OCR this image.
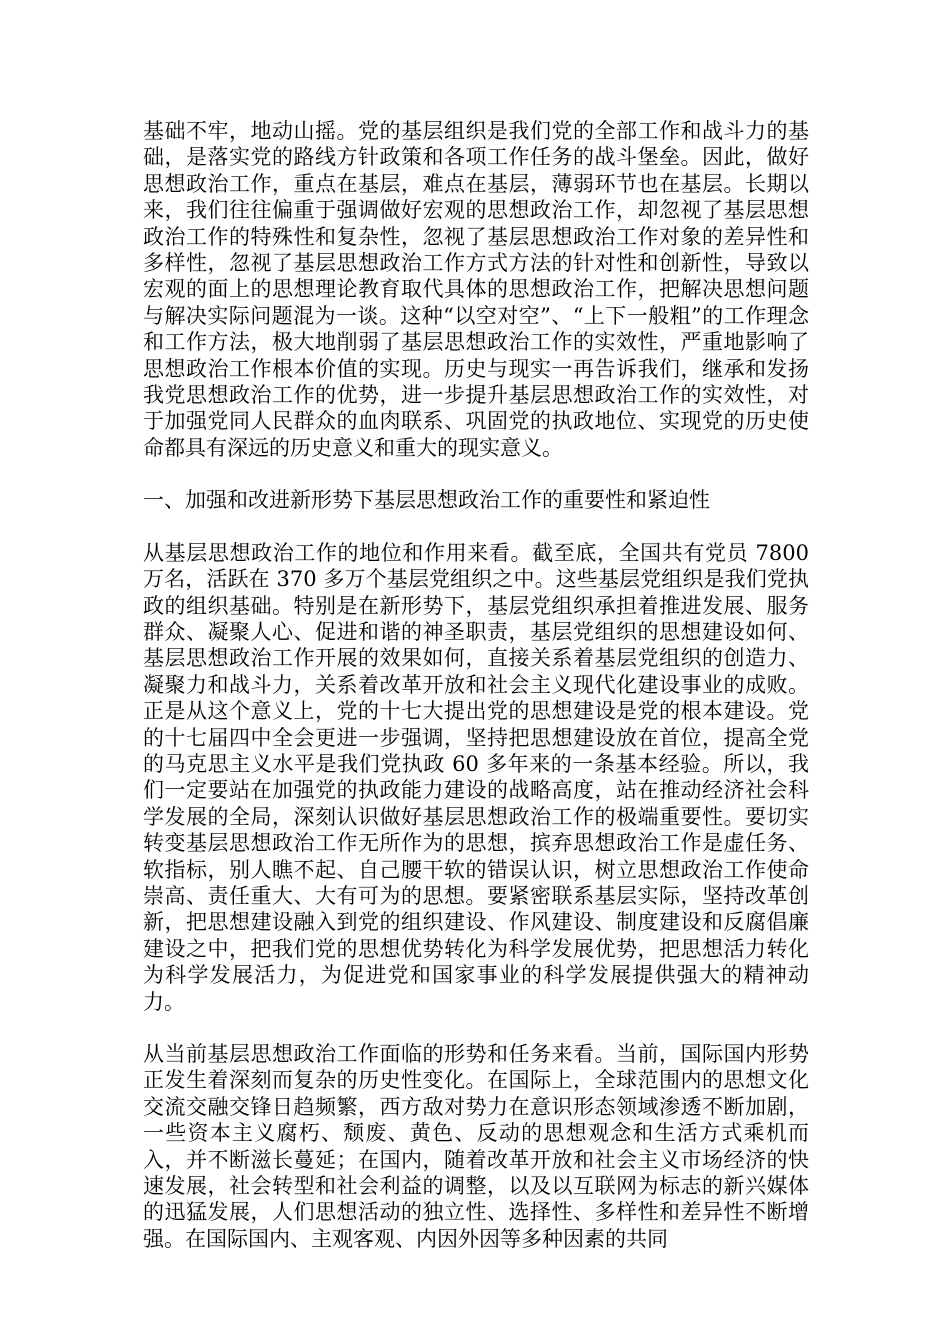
基础不牢，地动山摇。党的基层组织是我们党的全部工作和战斗力的基础，是落实党的路线方针政策和各项工作任务的战斗堡垒。因此，做好思想政治工作，重点在基层，难点在基层，薄弱环节也在基层。长期以来，我们往往偏重于强调做好宏观的思想政治工作，却忽视了基层思想政治工作的特殊性和复杂性，忽视了基层思想政治工作对象的差异性和多样性，忽视了基层思想政治工作方式方法的针对性和创新性，导致以宏观的面上的思想理论教育取代具体的思想政治工作，把解决思想问题与解决实际问题混为一谈。这种“以空对空”、“上下一般粗”的工作理念和工作方法，极大地削弱了基层思想政治工作的实效性，严重地影响了思想政治工作根本价值的实现。历史与现实一再告诉我们，继承和发扬我党思想政治工作的优势，进一步提升基层思想政治工作的实效性，对于加强党同人民群众的血肉联系、巩固党的执政地位、实现党的历史使命都具有深远的历史意义和重大的现实意义。

一、加强和改进新形势下基层思想政治工作的重要性和紧迫性

从基层思想政治工作的地位和作用来看。截至底，全国共有党员 7800 万名，活跃在 370 多万个基层党组织之中。这些基层党组织是我们党执政的组织基础。特别是在新形势下，基层党组织承担着推进发展、服务群众、凝聚人心、促进和谐的神圣职责，基层党组织的思想建设如何、基层思想政治工作开展的效果如何，直接关系着基层党组织的创造力、凝聚力和战斗力，关系着改革开放和社会主义现代化建设事业的成败。正是从这个意义上，党的十七大提出党的思想建设是党的根本建设。党的十七届四中全会更进一步强调，坚持把思想建设放在首位，提高全党的马克思主义水平是我们党执政 60 多年来的一条基本经验。所以，我们一定要站在加强党的执政能力建设的战略高度，站在推动经济社会科学发展的全局，深刻认识做好基层思想政治工作的极端重要性。要切实转变基层思想政治工作无所作为的思想，摈弃思想政治工作是虚任务、软指标，别人瞧不起、自己腰干软的错误认识，树立思想政治工作使命崇高、责任重大、大有可为的思想。要紧密联系基层实际，坚持改革创新，把思想建设融入到党的组织建设、作风建设、制度建设和反腐倡廉建设之中，把我们党的思想优势转化为科学发展优势，把思想活力转化为科学发展活力，为促进党和国家事业的科学发展提供强大的精神动力。

从当前基层思想政治工作面临的形势和任务来看。当前，国际国内形势正发生着深刻而复杂的历史性变化。在国际上，全球范围内的思想文化交流交融交锋日趋频繁，西方敌对势力在意识形态领域渗透不断加剧，一些资本主义腐朽、颓废、黄色、反动的思想观念和生活方式乘机而入，并不断滋长蔓延；在国内，随着改革开放和社会主义市场经济的快速发展，社会转型和社会利益的调整，以及以互联网为标志的新兴媒体的迅猛发展，人们思想活动的独立性、选择性、多样性和差异性不断增强。在国际国内、主观客观、内因外因等多种因素的共同
